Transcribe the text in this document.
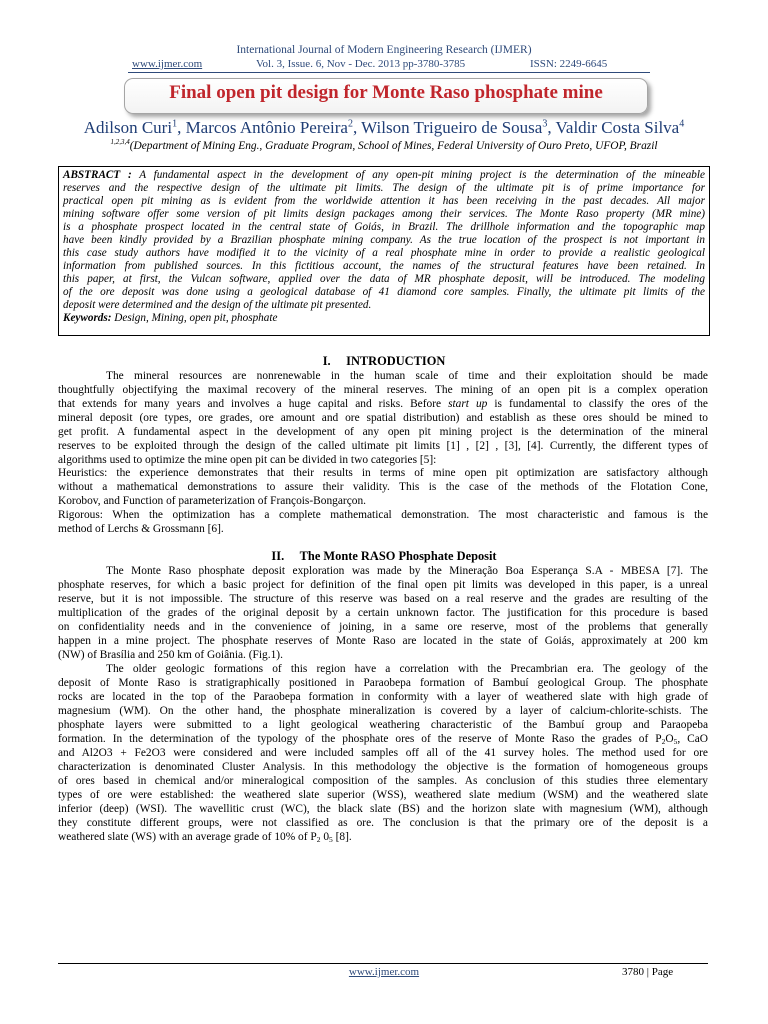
International Journal of Modern Engineering Research (IJMER)
www.ijmer.com	Vol. 3, Issue. 6, Nov - Dec. 2013 pp-3780-3785	ISSN: 2249-6645
Final open pit design for Monte Raso phosphate mine
Adilson Curi$^1$, Marcos Antônio Pereira$^2$, Wilson Trigueiro de Sousa$^3$, Valdir Costa Silva$^4$
$^{1,2,3,4}$(Department of Mining Eng., Graduate Program, School of Mines, Federal University of Ouro Preto, UFOP, Brazil
ABSTRACT : A fundamental aspect in the development of any open-pit mining project is the determination of the mineable
reserves and the respective design of the ultimate pit limits. The design of the ultimate pit is of prime importance for
practical open pit mining as is evident from the worldwide attention it has been receiving in the past decades. All major
mining software offer some version of pit limits design packages among their services. The Monte Raso property (MR mine)
is a phosphate prospect located in the central state of Goiás, in Brazil. The drillhole information and the topographic map
have been kindly provided by a Brazilian phosphate mining company. As the true location of the prospect is not important in
this case study authors have modified it to the vicinity of a real phosphate mine in order to provide a realistic geological
information from published sources. In this fictitious account, the names of the structural features have been retained. In
this paper, at first, the Vulcan software, applied over the data of MR phosphate deposit, will be introduced. The modeling
of the ore deposit was done using a geological database of 41 diamond core samples. Finally, the ultimate pit limits of the
deposit were determined and the design of the ultimate pit presented.
Keywords: Design, Mining, open pit, phosphate
I. INTRODUCTION
The mineral resources are nonrenewable in the human scale of time and their exploitation should be made
thoughtfully objectifying the maximal recovery of the mineral reserves. The mining of an open pit is a complex operation
that extends for many years and involves a huge capital and risks. Before start up is fundamental to classify the ores of the
mineral deposit (ore types, ore grades, ore amount and ore spatial distribution) and establish as these ores should be mined to
get profit. A fundamental aspect in the development of any open pit mining project is the determination of the mineral
reserves to be exploited through the design of the called ultimate pit limits [1] , [2] , [3], [4]. Currently, the different types of
algorithms used to optimize the mine open pit can be divided in two categories [5]:
Heuristics: the experience demonstrates that their results in terms of mine open pit optimization are satisfactory although
without a mathematical demonstrations to assure their validity. This is the case of the methods of the Flotation Cone,
Korobov, and Function of parameterization of François-Bongarçon.
Rigorous: When the optimization has a complete mathematical demonstration. The most characteristic and famous is the
method of Lerchs & Grossmann [6].
II. The Monte RASO Phosphate Deposit
The Monte Raso phosphate deposit exploration was made by the Mineração Boa Esperança S.A - MBESA [7]. The
phosphate reserves, for which a basic project for definition of the final open pit limits was developed in this paper, is a unreal
reserve, but it is not impossible. The structure of this reserve was based on a real reserve and the grades are resulting of the
multiplication of the grades of the original deposit by a certain unknown factor. The justification for this procedure is based
on confidentiality needs and in the convenience of joining, in a same ore reserve, most of the problems that generally
happen in a mine project. The phosphate reserves of Monte Raso are located in the state of Goiás, approximately at 200 km
(NW) of Brasília and 250 km of Goiânia. (Fig.1).
The older geologic formations of this region have a correlation with the Precambrian era. The geology of the
deposit of Monte Raso is stratigraphically positioned in Paraobepa formation of Bambuí geological Group. The phosphate
rocks are located in the top of the Paraobepa formation in conformity with a layer of weathered slate with high grade of
magnesium (WM). On the other hand, the phosphate mineralization is covered by a layer of calcium-chlorite-schists. The
phosphate layers were submitted to a light geological weathering characteristic of the Bambuí group and Paraopeba
formation. In the determination of the typology of the phosphate ores of the reserve of Monte Raso the grades of $P_2O_5$, CaO
and Al2O3 + Fe2O3 were considered and were included samples off all of the 41 survey holes. The method used for ore
characterization is denominated Cluster Analysis. In this methodology the objective is the formation of homogeneous groups
of ores based in chemical and/or mineralogical composition of the samples. As conclusion of this studies three elementary
types of ore were established: the weathered slate superior (WSS), weathered slate medium (WSM) and the weathered slate
inferior (deep) (WSI). The wavellitic crust (WC), the black slate (BS) and the horizon slate with magnesium (WM), although
they constitute different groups, were not classified as ore. The conclusion is that the primary ore of the deposit is a
weathered slate (WS) with an average grade of 10% of $P_2$ $0_5$ [8].
www.ijmer.com	3780 | Page
